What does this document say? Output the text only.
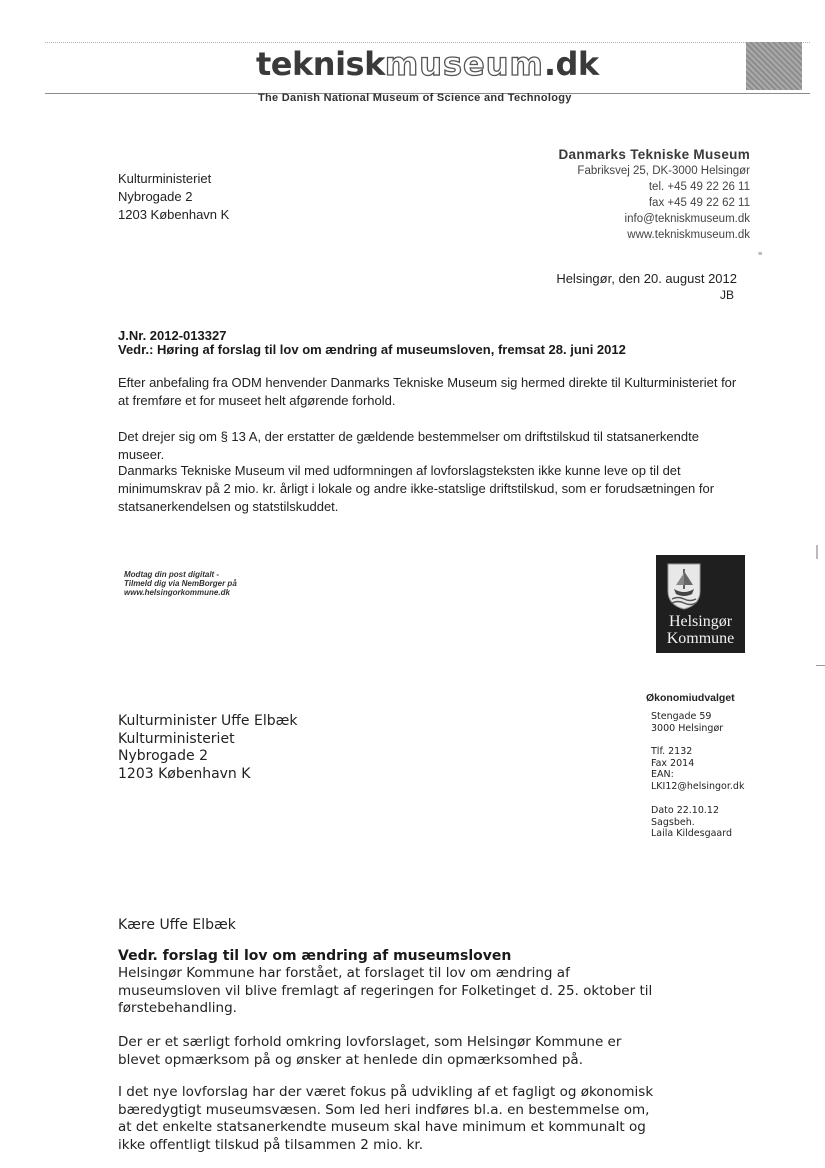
tekniskmuseum.dk
The Danish National Museum of Science and Technology
Kulturministeriet
Nybrogade 2
1203 København K
Danmarks Tekniske Museum
Fabriksvej 25, DK-3000 Helsingør
tel. +45 49 22 26 11
fax +45 49 22 62 11
info@tekniskmuseum.dk
www.tekniskmuseum.dk
≡
Helsingør, den 20. august 2012
JB
J.Nr. 2012-013327
Vedr.: Høring af forslag til lov om ændring af museumsloven, fremsat 28. juni 2012
Efter anbefaling fra ODM henvender Danmarks Tekniske Museum sig hermed direkte til Kulturministeriet for at fremføre et for museet helt afgørende forhold.
Det drejer sig om § 13 A, der erstatter de gældende bestemmelser om driftstilskud til statsanerkendte museer.
Danmarks Tekniske Museum vil med udformningen af lovforslagsteksten ikke kunne leve op til det minimumskrav på 2 mio. kr. årligt i lokale og andre ikke-statslige driftstilskud, som er forudsætningen for statsanerkendelsen og statstilskuddet.
Modtag din post digitalt -
Tilmeld dig via NemBorger på
www.helsingorkommune.dk
Helsingør
Kommune
Økonomiudvalget
Stengade 59
3000 Helsingør
Tlf. 2132
Fax 2014
EAN:
LKI12@helsingor.dk
Dato 22.10.12
Sagsbeh.
Laila Kildesgaard
Kulturminister Uffe Elbæk
Kulturministeriet
Nybrogade 2
1203 København K
Kære Uffe Elbæk
Vedr. forslag til lov om ændring af museumsloven
Helsingør Kommune har forstået, at forslaget til lov om ændring af museumsloven vil blive fremlagt af regeringen for Folketinget d. 25. oktober til førstebehandling.
Der er et særligt forhold omkring lovforslaget, som Helsingør Kommune er blevet opmærksom på og ønsker at henlede din opmærksomhed på.
I det nye lovforslag har der været fokus på udvikling af et fagligt og økonomisk bæredygtigt museumsvæsen. Som led heri indføres bl.a. en bestemmelse om, at det enkelte statsanerkendte museum skal have minimum et kommunalt og ikke offentligt tilskud på tilsammen 2 mio. kr.
